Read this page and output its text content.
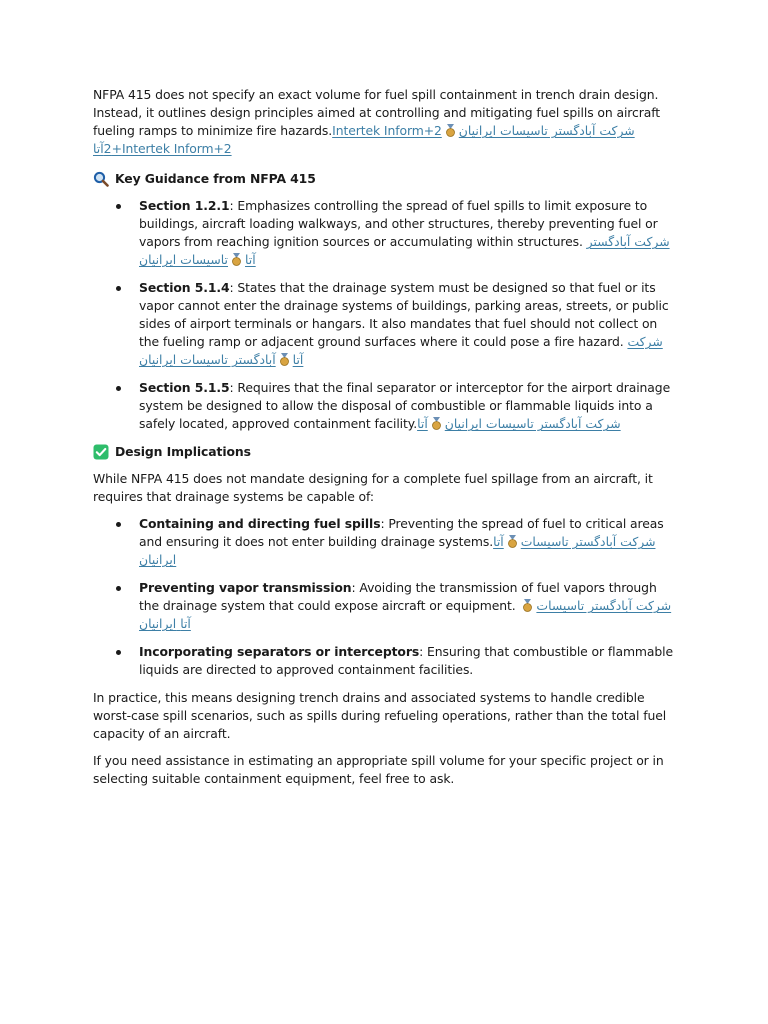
NFPA 415 does not specify an exact volume for fuel spill containment in trench drain design. Instead, it outlines design principles aimed at controlling and mitigating fuel spills on aircraft fueling ramps to minimize fire hazards.Intertek Inform+2 شرکت آبادگستر تاسیسات ایرانیان
+2آتاIntertek Inform+2

Key Guidance from NFPA 415
Section 1.2.1: Emphasizes controlling the spread of fuel spills to limit exposure to buildings, aircraft loading walkways, and other structures, thereby preventing fuel or vapors from reaching ignition sources or accumulating within structures. شرکت آبادگستر تاسیسات ایرانیان آتا
Section 5.1.4: States that the drainage system must be designed so that fuel or its vapor cannot enter the drainage systems of buildings, parking areas, streets, or public sides of airport terminals or hangars. It also mandates that fuel should not collect on the fueling ramp or adjacent ground surfaces where it could pose a fire hazard. شرکت آبادگستر تاسیسات ایرانیان آتا
Section 5.1.5: Requires that the final separator or interceptor for the airport drainage system be designed to allow the disposal of combustible or flammable liquids into a safely located, approved containment facility.آتا شرکت آبادگستر تاسیسات ایرانیان
Design Implications

While NFPA 415 does not mandate designing for a complete fuel spillage from an aircraft, it requires that drainage systems be capable of:

Containing and directing fuel spills: Preventing the spread of fuel to critical areas and ensuring it does not enter building drainage systems.آتا شرکت آبادگستر تاسیسات ایرانیان
Preventing vapor transmission: Avoiding the transmission of fuel vapors through the drainage system that could expose aircraft or equipment. شرکت آبادگستر تاسیسات ایرانیان آتا
Incorporating separators or interceptors: Ensuring that combustible or flammable liquids are directed to approved containment facilities.

In practice, this means designing trench drains and associated systems to handle credible worst-case spill scenarios, such as spills during refueling operations, rather than the total fuel capacity of an aircraft.

If you need assistance in estimating an appropriate spill volume for your specific project or in selecting suitable containment equipment, feel free to ask.
